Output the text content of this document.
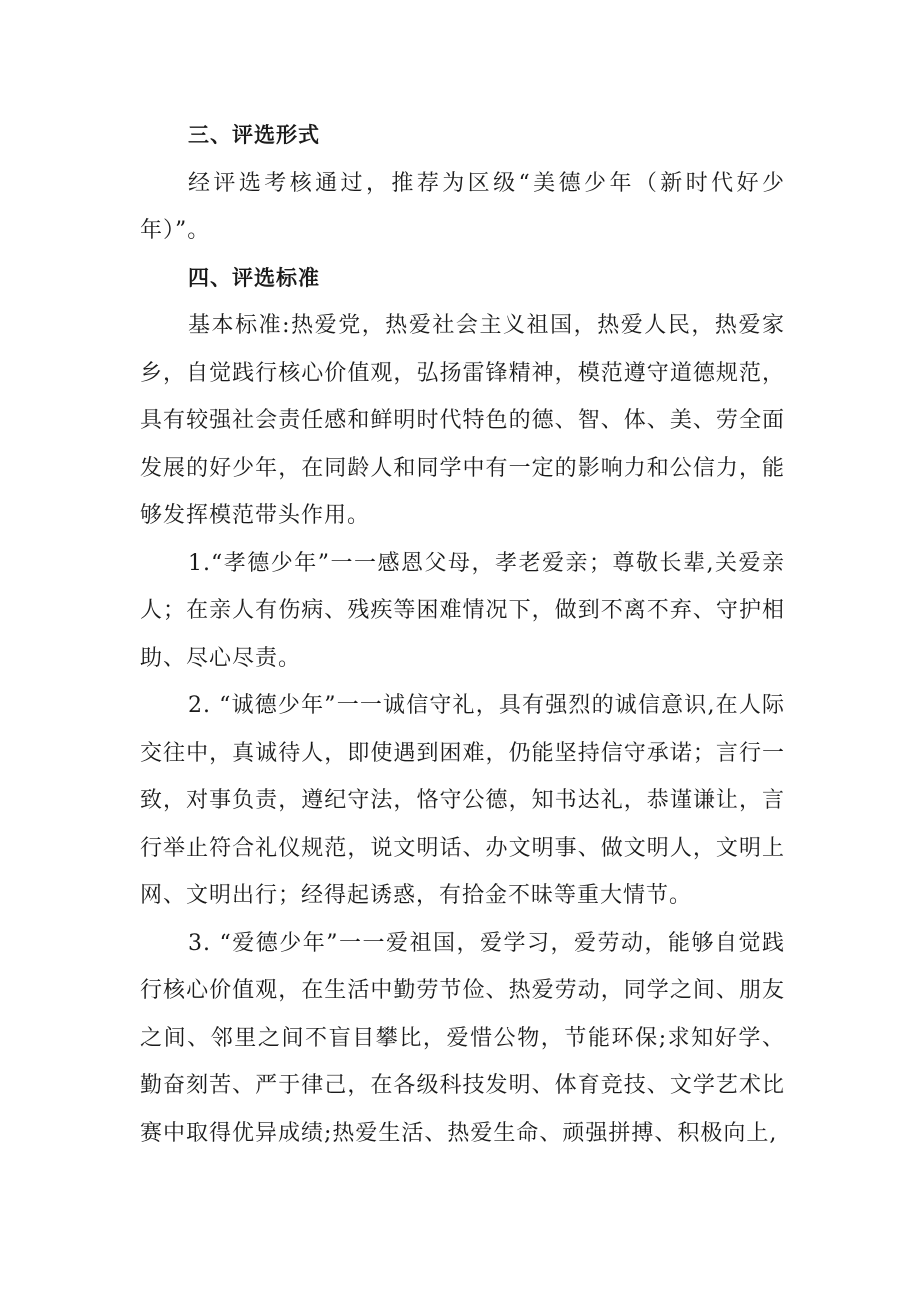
三、评选形式

经评选考核通过，推荐为区级“美德少年（新时代好少年）”。

四、评选标准

基本标准:热爱党，热爱社会主义祖国，热爱人民，热爱家乡，自觉践行核心价值观，弘扬雷锋精神，模范遵守道德规范，具有较强社会责任感和鲜明时代特色的德、智、体、美、劳全面发展的好少年，在同龄人和同学中有一定的影响力和公信力，能够发挥模范带头作用。

1.“孝德少年”一一感恩父母，孝老爱亲；尊敬长辈,关爱亲人；在亲人有伤病、残疾等困难情况下，做到不离不弃、守护相助、尽心尽责。

2. “诚德少年”一一诚信守礼，具有强烈的诚信意识,在人际交往中，真诚待人，即使遇到困难，仍能坚持信守承诺；言行一致，对事负责，遵纪守法，恪守公德，知书达礼，恭谨谦让，言行举止符合礼仪规范，说文明话、办文明事、做文明人，文明上网、文明出行；经得起诱惑，有拾金不昧等重大情节。

3. “爱德少年”一一爱祖国，爱学习，爱劳动，能够自觉践行核心价值观，在生活中勤劳节俭、热爱劳动，同学之间、朋友之间、邻里之间不盲目攀比，爱惜公物，节能环保;求知好学、勤奋刻苦、严于律己，在各级科技发明、体育竞技、文学艺术比赛中取得优异成绩;热爱生活、热爱生命、顽强拼搏、积极向上,
